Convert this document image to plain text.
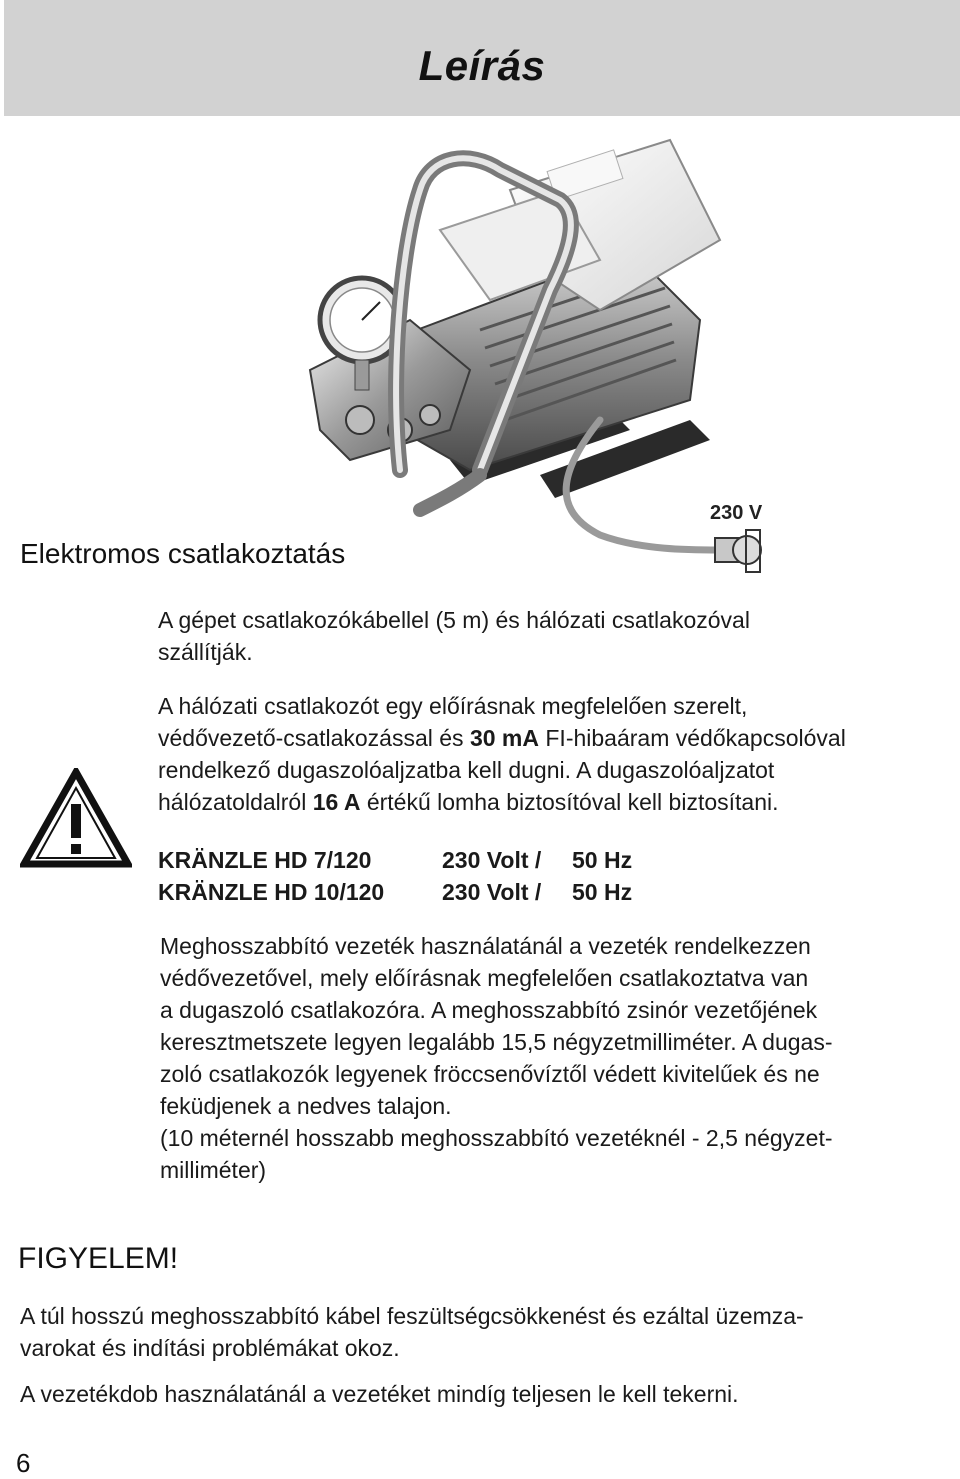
Leírás
230 V
Elektromos csatlakoztatás
A gépet csatlakozókábellel (5 m) és hálózati csatlakozóval
szállítják.
A hálózati csatlakozót egy előírásnak megfelelően szerelt,
védővezető-csatlakozással és 30 mA FI-hibaáram védőkapcsolóval
rendelkező dugaszolóaljzatba kell dugni. A dugaszolóaljzatot
hálózatoldalról 16 A értékű lomha biztosítóval kell biztosítani.
KRÄNZLE HD 7/120	230 Volt /	50 Hz
KRÄNZLE HD 10/120	230 Volt /	50 Hz
Meghosszabbító vezeték használatánál a vezeték rendelkezzen
védővezetővel, mely előírásnak megfelelően csatlakoztatva van
a dugaszoló csatlakozóra. A meghosszabbító zsinór vezetőjének
keresztmetszete legyen legalább 15,5 négyzetmilliméter. A dugas-
zoló csatlakozók legyenek fröccsenővíztől védett kivitelűek és ne
feküdjenek a nedves talajon.
(10 méternél hosszabb meghosszabbító vezetéknél - 2,5 négyzet-
milliméter)
FIGYELEM!
A túl hosszú meghosszabbító kábel feszültségcsökkenést és ezáltal üzemza-
varokat és indítási problémákat okoz.
A vezetékdob használatánál a vezetéket mindíg teljesen le kell tekerni.
6
